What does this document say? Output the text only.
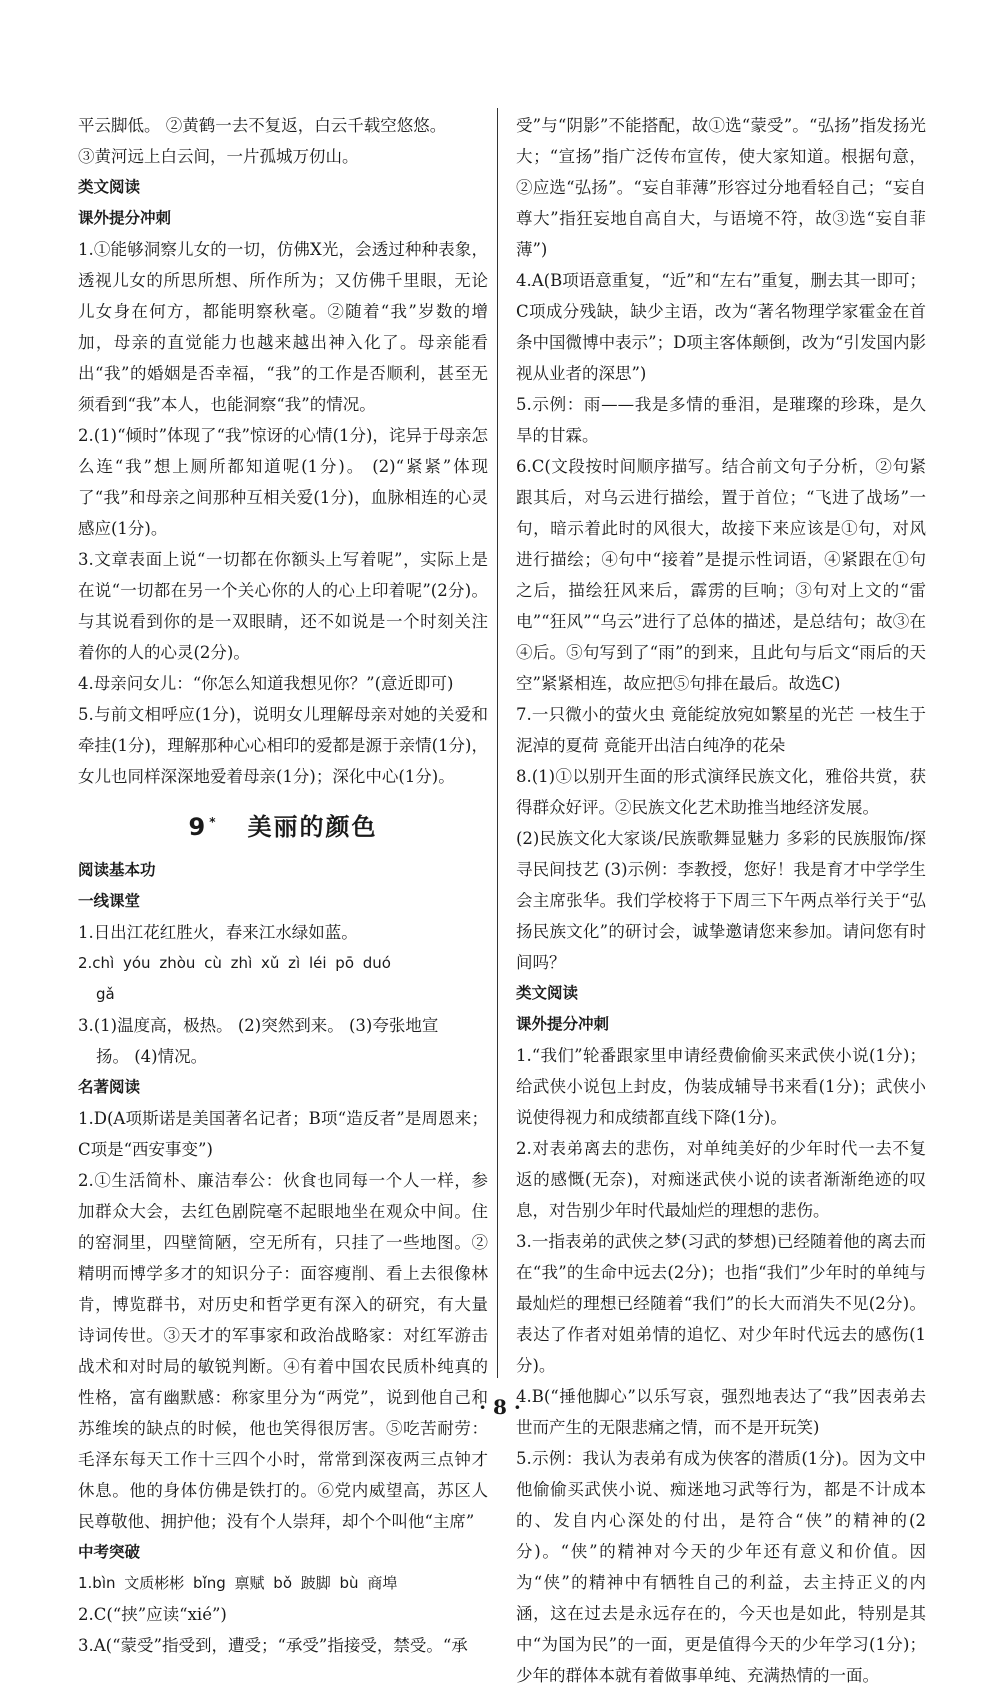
平云脚低。 ②黄鹤一去不复返，白云千载空悠悠。

③黄河远上白云间，一片孤城万仞山。

类文阅读

课外提分冲刺

1.①能够洞察儿女的一切，仿佛X光，会透过种种表象，透视儿女的所思所想、所作所为；又仿佛千里眼，无论儿女身在何方，都能明察秋毫。②随着“我”岁数的增加，母亲的直觉能力也越来越出神入化了。母亲能看出“我”的婚姻是否幸福，“我”的工作是否顺利，甚至无须看到“我”本人，也能洞察“我”的情况。

2.(1)“倾时”体现了“我”惊讶的心情(1分)，诧异于母亲怎么连“我”想上厕所都知道呢(1分)。 (2)“紧紧”体现了“我”和母亲之间那种互相关爱(1分)，血脉相连的心灵感应(1分)。

3.文章表面上说“一切都在你额头上写着呢”，实际上是在说“一切都在另一个关心你的人的心上印着呢”(2分)。与其说看到你的是一双眼睛，还不如说是一个时刻关注着你的人的心灵(2分)。

4.母亲问女儿：“你怎么知道我想见你？”(意近即可)

5.与前文相呼应(1分)，说明女儿理解母亲对她的关爱和牵挂(1分)，理解那种心心相印的爱都是源于亲情(1分)，女儿也同样深深地爱着母亲(1分)；深化中心(1分)。

9 * 美丽的颜色

阅读基本功

一线课堂

1.日出江花红胜火，春来江水绿如蓝。

2.chì yóu zhòu cù zhì xǔ zì léi pō duó

gǎ

3.(1)温度高，极热。 (2)突然到来。 (3)夸张地宣

扬。 (4)情况。

名著阅读

1.D(A项斯诺是美国著名记者；B项“造反者”是周恩来；C项是“西安事变”)

2.①生活简朴、廉洁奉公：伙食也同每一个人一样，参加群众大会，去红色剧院毫不起眼地坐在观众中间。住的窑洞里，四壁简陋，空无所有，只挂了一些地图。②精明而博学多才的知识分子：面容瘦削、看上去很像林肯，博览群书，对历史和哲学更有深入的研究，有大量诗词传世。③天才的军事家和政治战略家：对红军游击战术和对时局的敏锐判断。④有着中国农民质朴纯真的性格，富有幽默感：称家里分为“两党”，说到他自己和苏维埃的缺点的时候，他也笑得很厉害。⑤吃苦耐劳：毛泽东每天工作十三四个小时，常常到深夜两三点钟才休息。他的身体仿佛是铁打的。⑥党内威望高，苏区人民尊敬他、拥护他；没有个人崇拜，却个个叫他“主席”

中考突破

1.bìn 文质彬彬 bǐng 禀赋 bǒ 跛脚 bù 商埠

2.C(“挟”应读“xié”)

3.A(“蒙受”指受到，遭受；“承受”指接受，禁受。“承

受”与“阴影”不能搭配，故①选“蒙受”。“弘扬”指发扬光大；“宣扬”指广泛传布宣传，使大家知道。根据句意，②应选“弘扬”。“妄自菲薄”形容过分地看轻自己；“妄自尊大”指狂妄地自高自大，与语境不符，故③选“妄自菲薄”)

4.A(B项语意重复，“近”和“左右”重复，删去其一即可；C项成分残缺，缺少主语，改为“著名物理学家霍金在首条中国微博中表示”；D项主客体颠倒，改为“引发国内影视从业者的深思”)

5.示例：雨——我是多情的垂泪，是璀璨的珍珠，是久旱的甘霖。

6.C(文段按时间顺序描写。结合前文句子分析，②句紧跟其后，对乌云进行描绘，置于首位；“飞进了战场”一句，暗示着此时的风很大，故接下来应该是①句，对风进行描绘；④句中“接着”是提示性词语，④紧跟在①句之后，描绘狂风来后，霹雳的巨响；③句对上文的“雷电”“狂风”“乌云”进行了总体的描述，是总结句；故③在④后。⑤句写到了“雨”的到来，且此句与后文“雨后的天空”紧紧相连，故应把⑤句排在最后。故选C)

7.一只微小的萤火虫 竟能绽放宛如繁星的光芒 一枝生于泥淖的夏荷 竟能开出洁白纯净的花朵

8.(1)①以别开生面的形式演绎民族文化，雅俗共赏，获得群众好评。②民族文化艺术助推当地经济发展。

(2)民族文化大家谈/民族歌舞显魅力 多彩的民族服饰/探寻民间技艺 (3)示例：李教授，您好！我是育才中学学生会主席张华。我们学校将于下周三下午两点举行关于“弘扬民族文化”的研讨会，诚挚邀请您来参加。请问您有时间吗？

类文阅读

课外提分冲刺

1.“我们”轮番跟家里申请经费偷偷买来武侠小说(1分)；给武侠小说包上封皮，伪装成辅导书来看(1分)；武侠小说使得视力和成绩都直线下降(1分)。

2.对表弟离去的悲伤，对单纯美好的少年时代一去不复返的感慨(无奈)，对痴迷武侠小说的读者渐渐绝迹的叹息，对告别少年时代最灿烂的理想的悲伤。

3.一指表弟的武侠之梦(习武的梦想)已经随着他的离去而在“我”的生命中远去(2分)；也指“我们”少年时的单纯与最灿烂的理想已经随着“我们”的长大而消失不见(2分)。表达了作者对姐弟情的追忆、对少年时代远去的感伤(1分)。

4.B(“捶他脚心”以乐写哀，强烈地表达了“我”因表弟去世而产生的无限悲痛之情，而不是开玩笑)

5.示例：我认为表弟有成为侠客的潜质(1分)。因为文中他偷偷买武侠小说、痴迷地习武等行为，都是不计成本的、发自内心深处的付出，是符合“侠”的精神的(2分)。“侠”的精神对今天的少年还有意义和价值。因为“侠”的精神中有牺牲自己的利益，去主持正义的内涵，这在过去是永远存在的，今天也是如此，特别是其中“为国为民”的一面，更是值得今天的少年学习(1分)；少年的群体本就有着做事单纯、充满热情的一面。

· 8 ·
